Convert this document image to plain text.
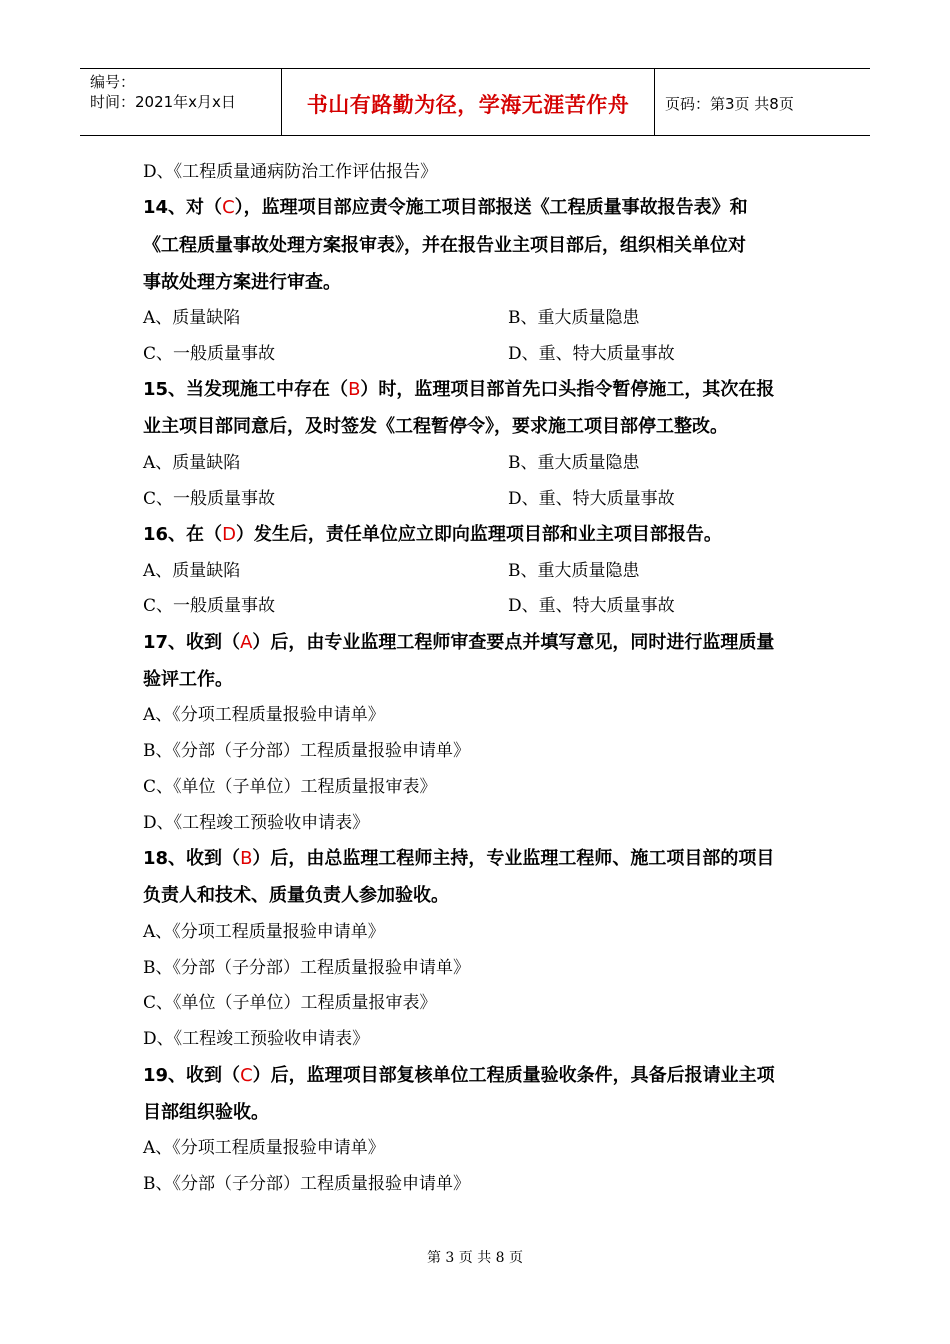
编号：
时间：2021年x月x日	书山有路勤为径，学海无涯苦作舟	页码：第3页 共8页
D、《工程质量通病防治工作评估报告》
14、对（C），监理项目部应责令施工项目部报送《工程质量事故报告表》和
《工程质量事故处理方案报审表》，并在报告业主项目部后，组织相关单位对
事故处理方案进行审查。
A、质量缺陷	B、重大质量隐患
C、一般质量事故	D、重、特大质量事故
15、当发现施工中存在（B）时，监理项目部首先口头指令暂停施工，其次在报
业主项目部同意后，及时签发《工程暂停令》，要求施工项目部停工整改。
A、质量缺陷	B、重大质量隐患
C、一般质量事故	D、重、特大质量事故
16、在（D）发生后，责任单位应立即向监理项目部和业主项目部报告。
A、质量缺陷	B、重大质量隐患
C、一般质量事故	D、重、特大质量事故
17、收到（A）后，由专业监理工程师审查要点并填写意见，同时进行监理质量
验评工作。
A、《分项工程质量报验申请单》
B、《分部（子分部）工程质量报验申请单》
C、《单位（子单位）工程质量报审表》
D、《工程竣工预验收申请表》
18、收到（B）后，由总监理工程师主持，专业监理工程师、施工项目部的项目
负责人和技术、质量负责人参加验收。
A、《分项工程质量报验申请单》
B、《分部（子分部）工程质量报验申请单》
C、《单位（子单位）工程质量报审表》
D、《工程竣工预验收申请表》
19、收到（C）后，监理项目部复核单位工程质量验收条件，具备后报请业主项
目部组织验收。
A、《分项工程质量报验申请单》
B、《分部（子分部）工程质量报验申请单》
第 3 页 共 8 页
